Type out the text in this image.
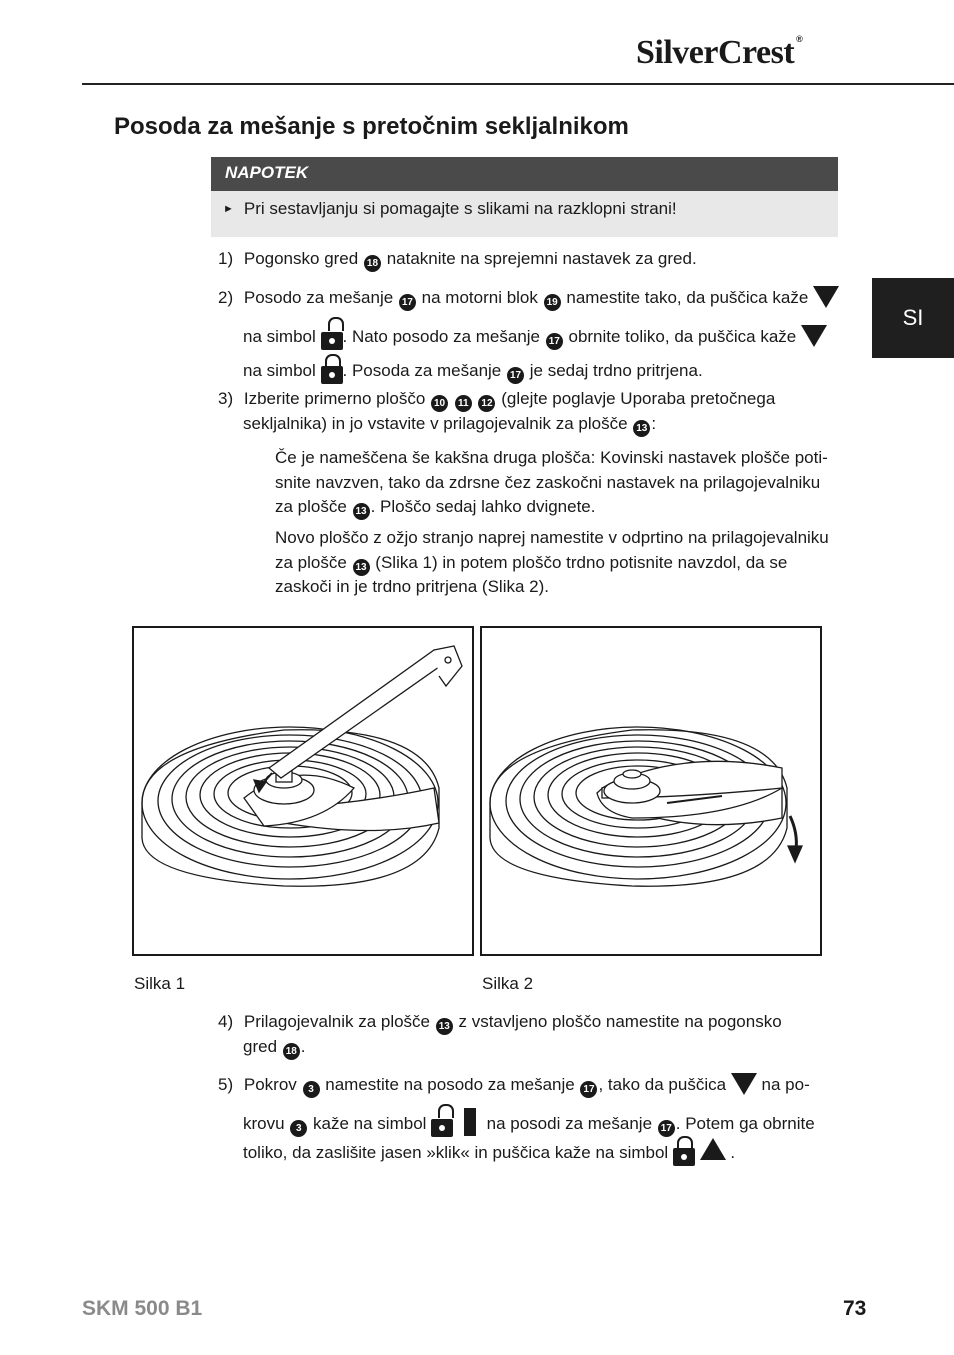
SilverCrest ®
SI
Posoda za mešanje s pretočnim sekljalnikom
NAPOTEK
► Pri sestavljanju si pomagajte s slikami na razklopni strani!
1) Pogonsko gred 18 nataknite na sprejemni nastavek za gred.
2) Posodo za mešanje 17 na motorni blok 19 namestite tako, da puščica kaže
na simbol . Nato posodo za mešanje 17 obrnite toliko, da puščica kaže
na simbol . Posoda za mešanje 17 je sedaj trdno pritrjena.
3) Izberite primerno ploščo 10 11 12 (glejte poglavje Uporaba pretočnega
sekljalnika) in jo vstavite v prilagojevalnik za plošče 13 :
Če je nameščena še kakšna druga plošča: Kovinski nastavek plošče poti-
snite navzven, tako da zdrsne čez zaskočni nastavek na prilagojevalniku
za plošče 13 . Ploščo sedaj lahko dvignete.
Novo ploščo z ožjo stranjo naprej namestite v odprtino na prilagojevalniku
za plošče 13 (Slika 1) in potem ploščo trdno potisnite navzdol, da se
zaskoči in je trdno pritrjena (Slika 2).
Silka 1	Silka 2
4) Prilagojevalnik za plošče 13 z vstavljeno ploščo namestite na pogonsko
gred 18 .
5) Pokrov 3 namestite na posodo za mešanje 17 , tako da puščica na po-
krovu 3 kaže na simbol	na posodi za mešanje 17 . Potem ga obrnite
toliko, da zaslišite jasen »klik« in puščica kaže na simbol	.
SKM 500 B1	73
